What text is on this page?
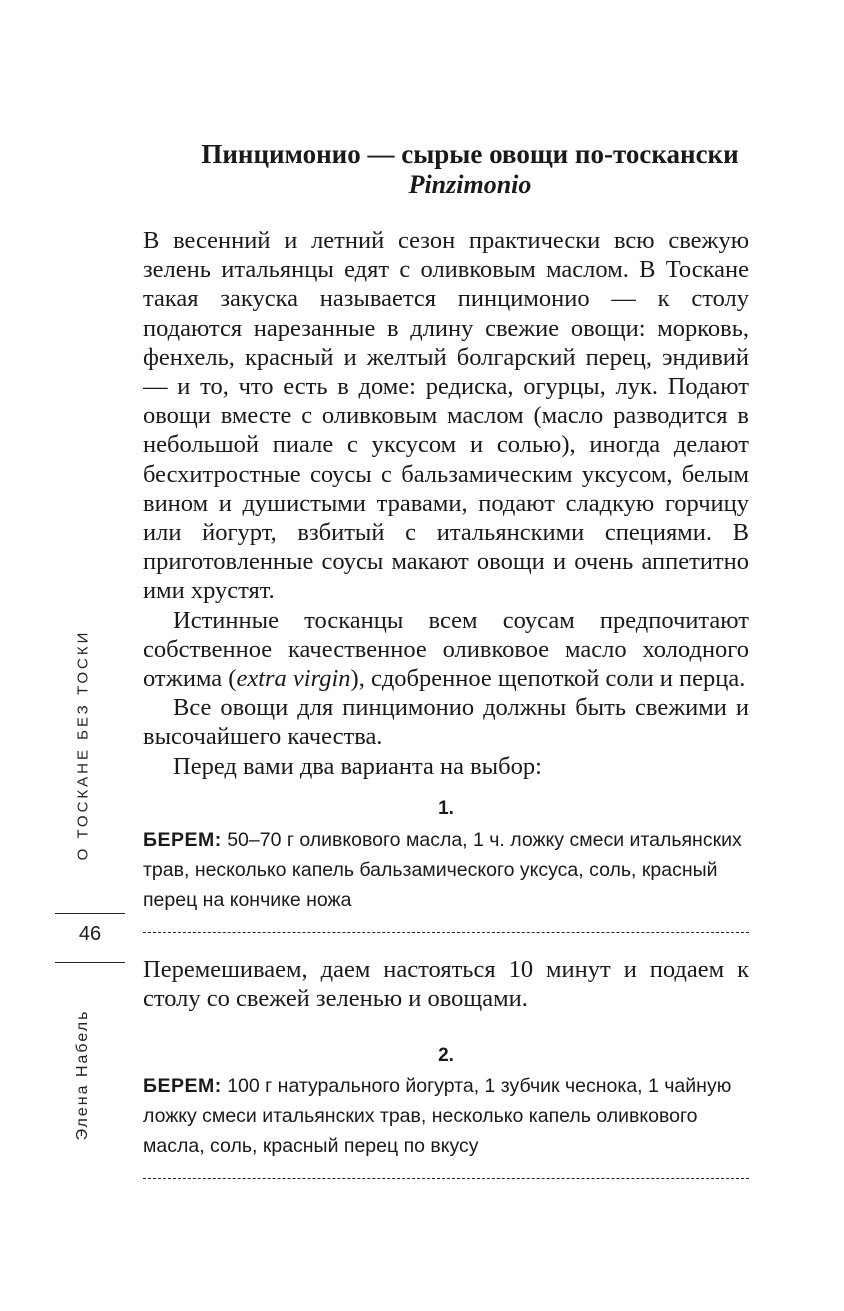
Пинцимонио — сырые овощи по-тоскански
Pinzimonio

В весенний и летний сезон практически всю свежую зелень итальянцы едят с оливковым маслом. В Тоскане такая закуска называется пинцимонио — к столу подаются нарезанные в длину свежие овощи: морковь, фенхель, красный и желтый болгарский перец, эндивий — и то, что есть в доме: редиска, огурцы, лук. Подают овощи вместе с оливковым маслом (масло разводится в небольшой пиале с уксусом и солью), иногда делают бесхитростные соусы с бальзамическим уксусом, белым вином и душистыми травами, подают сладкую горчицу или йогурт, взбитый с итальянскими специями. В приготовленные соусы макают овощи и очень аппетитно ими хрустят.

Истинные тосканцы всем соусам предпочитают собственное качественное оливковое масло холодного отжима (extra virgin), сдобренное щепоткой соли и перца.

Все овощи для пинцимонио должны быть свежими и высочайшего качества.

Перед вами два варианта на выбор:

1.
БЕРЕМ: 50–70 г оливкового масла, 1 ч. ложку смеси итальянских трав, несколько капель бальзамического уксуса, соль, красный перец на кончике ножа

Перемешиваем, даем настояться 10 минут и подаем к столу со свежей зеленью и овощами.

2.
БЕРЕМ: 100 г натурального йогурта, 1 зубчик чеснока, 1 чайную ложку смеси итальянских трав, несколько капель оливкового масла, соль, красный перец по вкусу
О ТОСКАНЕ БЕЗ ТОСКИ
46
Элена Набель
